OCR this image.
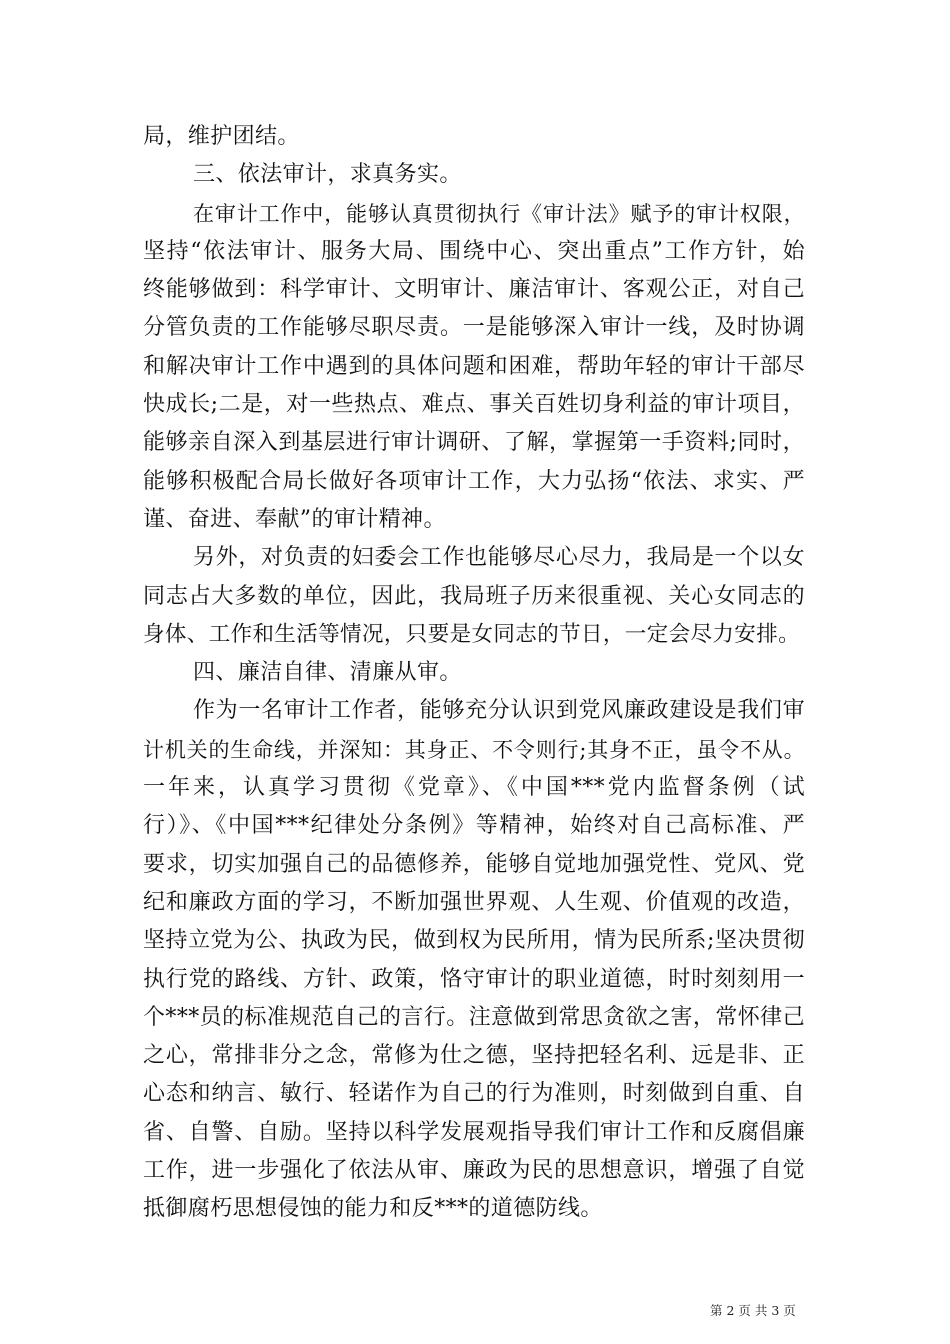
局，维护团结。
三、依法审计，求真务实。
在审计工作中，能够认真贯彻执行《审计法》赋予的审计权限，
坚持“依法审计、服务大局、围绕中心、突出重点”工作方针，始
终能够做到：科学审计、文明审计、廉洁审计、客观公正，对自己
分管负责的工作能够尽职尽责。一是能够深入审计一线，及时协调
和解决审计工作中遇到的具体问题和困难，帮助年轻的审计干部尽
快成长;二是，对一些热点、难点、事关百姓切身利益的审计项目，
能够亲自深入到基层进行审计调研、了解，掌握第一手资料;同时，
能够积极配合局长做好各项审计工作，大力弘扬“依法、求实、严
谨、奋进、奉献”的审计精神。
另外，对负责的妇委会工作也能够尽心尽力，我局是一个以女
同志占大多数的单位，因此，我局班子历来很重视、关心女同志的
身体、工作和生活等情况，只要是女同志的节日，一定会尽力安排。
四、廉洁自律、清廉从审。
作为一名审计工作者，能够充分认识到党风廉政建设是我们审
计机关的生命线，并深知：其身正、不令则行;其身不正，虽令不从。
一年来，认真学习贯彻《党章》、《中国***党内监督条例（试
行）》、《中国***纪律处分条例》等精神，始终对自己高标准、严
要求，切实加强自己的品德修养，能够自觉地加强党性、党风、党
纪和廉政方面的学习，不断加强世界观、人生观、价值观的改造，
坚持立党为公、执政为民，做到权为民所用，情为民所系;坚决贯彻
执行党的路线、方针、政策，恪守审计的职业道德，时时刻刻用一
个***员的标准规范自己的言行。注意做到常思贪欲之害，常怀律己
之心，常排非分之念，常修为仕之德，坚持把轻名利、远是非、正
心态和纳言、敏行、轻诺作为自己的行为准则，时刻做到自重、自
省、自警、自励。坚持以科学发展观指导我们审计工作和反腐倡廉
工作，进一步强化了依法从审、廉政为民的思想意识，增强了自觉
抵御腐朽思想侵蚀的能力和反***的道德防线。
第 2 页 共 3 页
